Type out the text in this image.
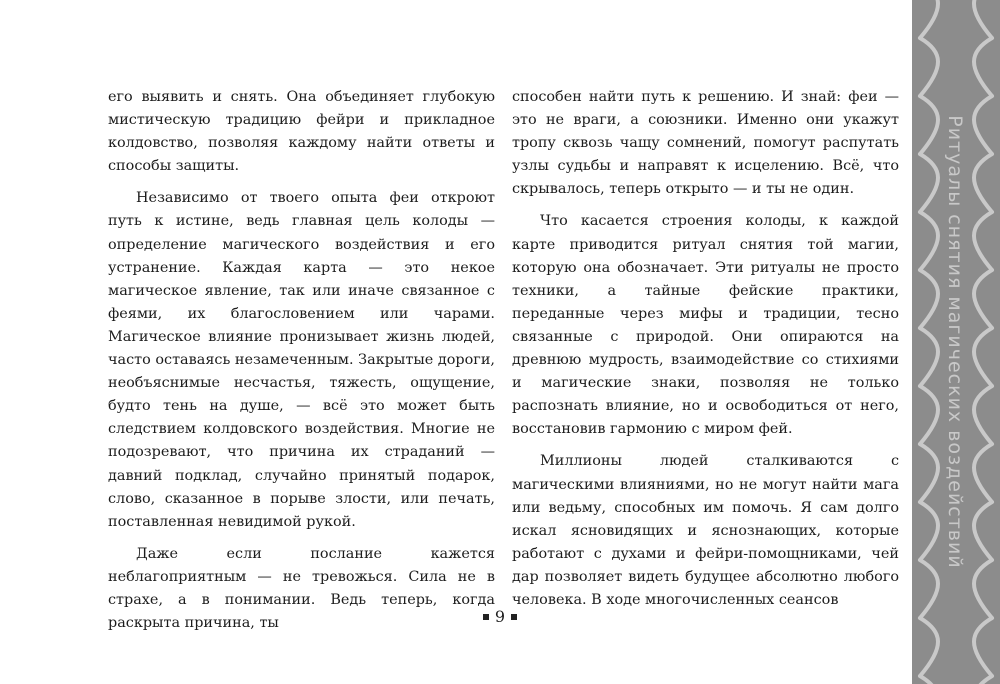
его выявить и снять. Она объединяет глубокую мистическую традицию фейри и прикладное колдовство, позволяя каждому найти ответы и способы защиты.

Независимо от твоего опыта феи откроют путь к истине, ведь главная цель колоды — определение магического воздействия и его устранение. Каждая карта — это некое магическое явление, так или иначе связанное с феями, их благословением или чарами. Магическое влияние пронизывает жизнь людей, часто оставаясь незамеченным. Закрытые дороги, необъяснимые несчастья, тяжесть, ощущение, будто тень на душе, — всё это может быть следствием колдовского воздействия. Многие не подозревают, что причина их страданий — давний подклад, случайно принятый подарок, слово, сказанное в порыве злости, или печать, поставленная невидимой рукой.

Даже если послание кажется неблагоприятным — не тревожься. Сила не в страхе, а в понимании. Ведь теперь, когда раскрыта причина, ты

способен найти путь к решению. И знай: феи — это не враги, а союзники. Именно они укажут тропу сквозь чащу сомнений, помогут распутать узлы судьбы и направят к исцелению. Всё, что скрывалось, теперь открыто — и ты не один.

Что касается строения колоды, к каждой карте приводится ритуал снятия той магии, которую она обозначает. Эти ритуалы не просто техники, а тайные фейские практики, переданные через мифы и традиции, тесно связанные с природой. Они опираются на древнюю мудрость, взаимодействие со стихиями и магические знаки, позволяя не только распознать влияние, но и освободиться от него, восстановив гармонию с миром фей.

Миллионы людей сталкиваются с магическими влияниями, но не могут найти мага или ведьму, способных им помочь. Я сам долго искал ясновидящих и яснознающих, которые работают с духами и фейри-помощниками, чей дар позволяет видеть будущее абсолютно любого человека. В ходе многочисленных сеансов

9
Ритуалы снятия магических воздействий
